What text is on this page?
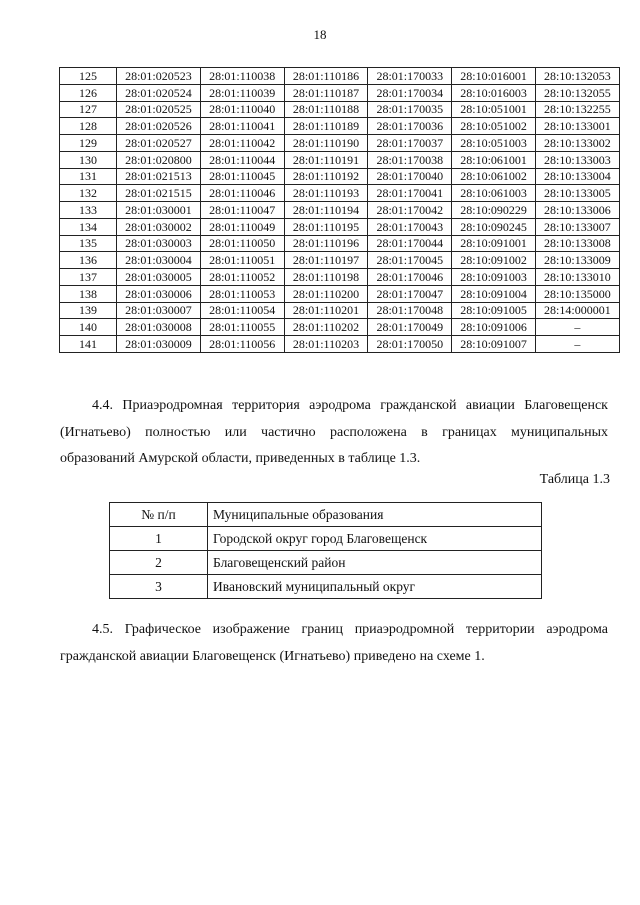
18
125	28:01:020523	28:01:110038	28:01:110186	28:01:170033	28:10:016001	28:10:132053
126	28:01:020524	28:01:110039	28:01:110187	28:01:170034	28:10:016003	28:10:132055
127	28:01:020525	28:01:110040	28:01:110188	28:01:170035	28:10:051001	28:10:132255
128	28:01:020526	28:01:110041	28:01:110189	28:01:170036	28:10:051002	28:10:133001
129	28:01:020527	28:01:110042	28:01:110190	28:01:170037	28:10:051003	28:10:133002
130	28:01:020800	28:01:110044	28:01:110191	28:01:170038	28:10:061001	28:10:133003
131	28:01:021513	28:01:110045	28:01:110192	28:01:170040	28:10:061002	28:10:133004
132	28:01:021515	28:01:110046	28:01:110193	28:01:170041	28:10:061003	28:10:133005
133	28:01:030001	28:01:110047	28:01:110194	28:01:170042	28:10:090229	28:10:133006
134	28:01:030002	28:01:110049	28:01:110195	28:01:170043	28:10:090245	28:10:133007
135	28:01:030003	28:01:110050	28:01:110196	28:01:170044	28:10:091001	28:10:133008
136	28:01:030004	28:01:110051	28:01:110197	28:01:170045	28:10:091002	28:10:133009
137	28:01:030005	28:01:110052	28:01:110198	28:01:170046	28:10:091003	28:10:133010
138	28:01:030006	28:01:110053	28:01:110200	28:01:170047	28:10:091004	28:10:135000
139	28:01:030007	28:01:110054	28:01:110201	28:01:170048	28:10:091005	28:14:000001
140	28:01:030008	28:01:110055	28:01:110202	28:01:170049	28:10:091006	–
141	28:01:030009	28:01:110056	28:01:110203	28:01:170050	28:10:091007	–

4.4. Приаэродромная территория аэродрома гражданской авиации Благовещенск (Игнатьево) полностью или частично расположена в границах муниципальных образований Амурской области, приведенных в таблице 1.3.

Таблица 1.3
№ п/п	Муниципальные образования
1	Городской округ город Благовещенск
2	Благовещенский район
3	Ивановский муниципальный округ

4.5. Графическое изображение границ приаэродромной территории аэродрома гражданской авиации Благовещенск (Игнатьево) приведено на схеме 1.
